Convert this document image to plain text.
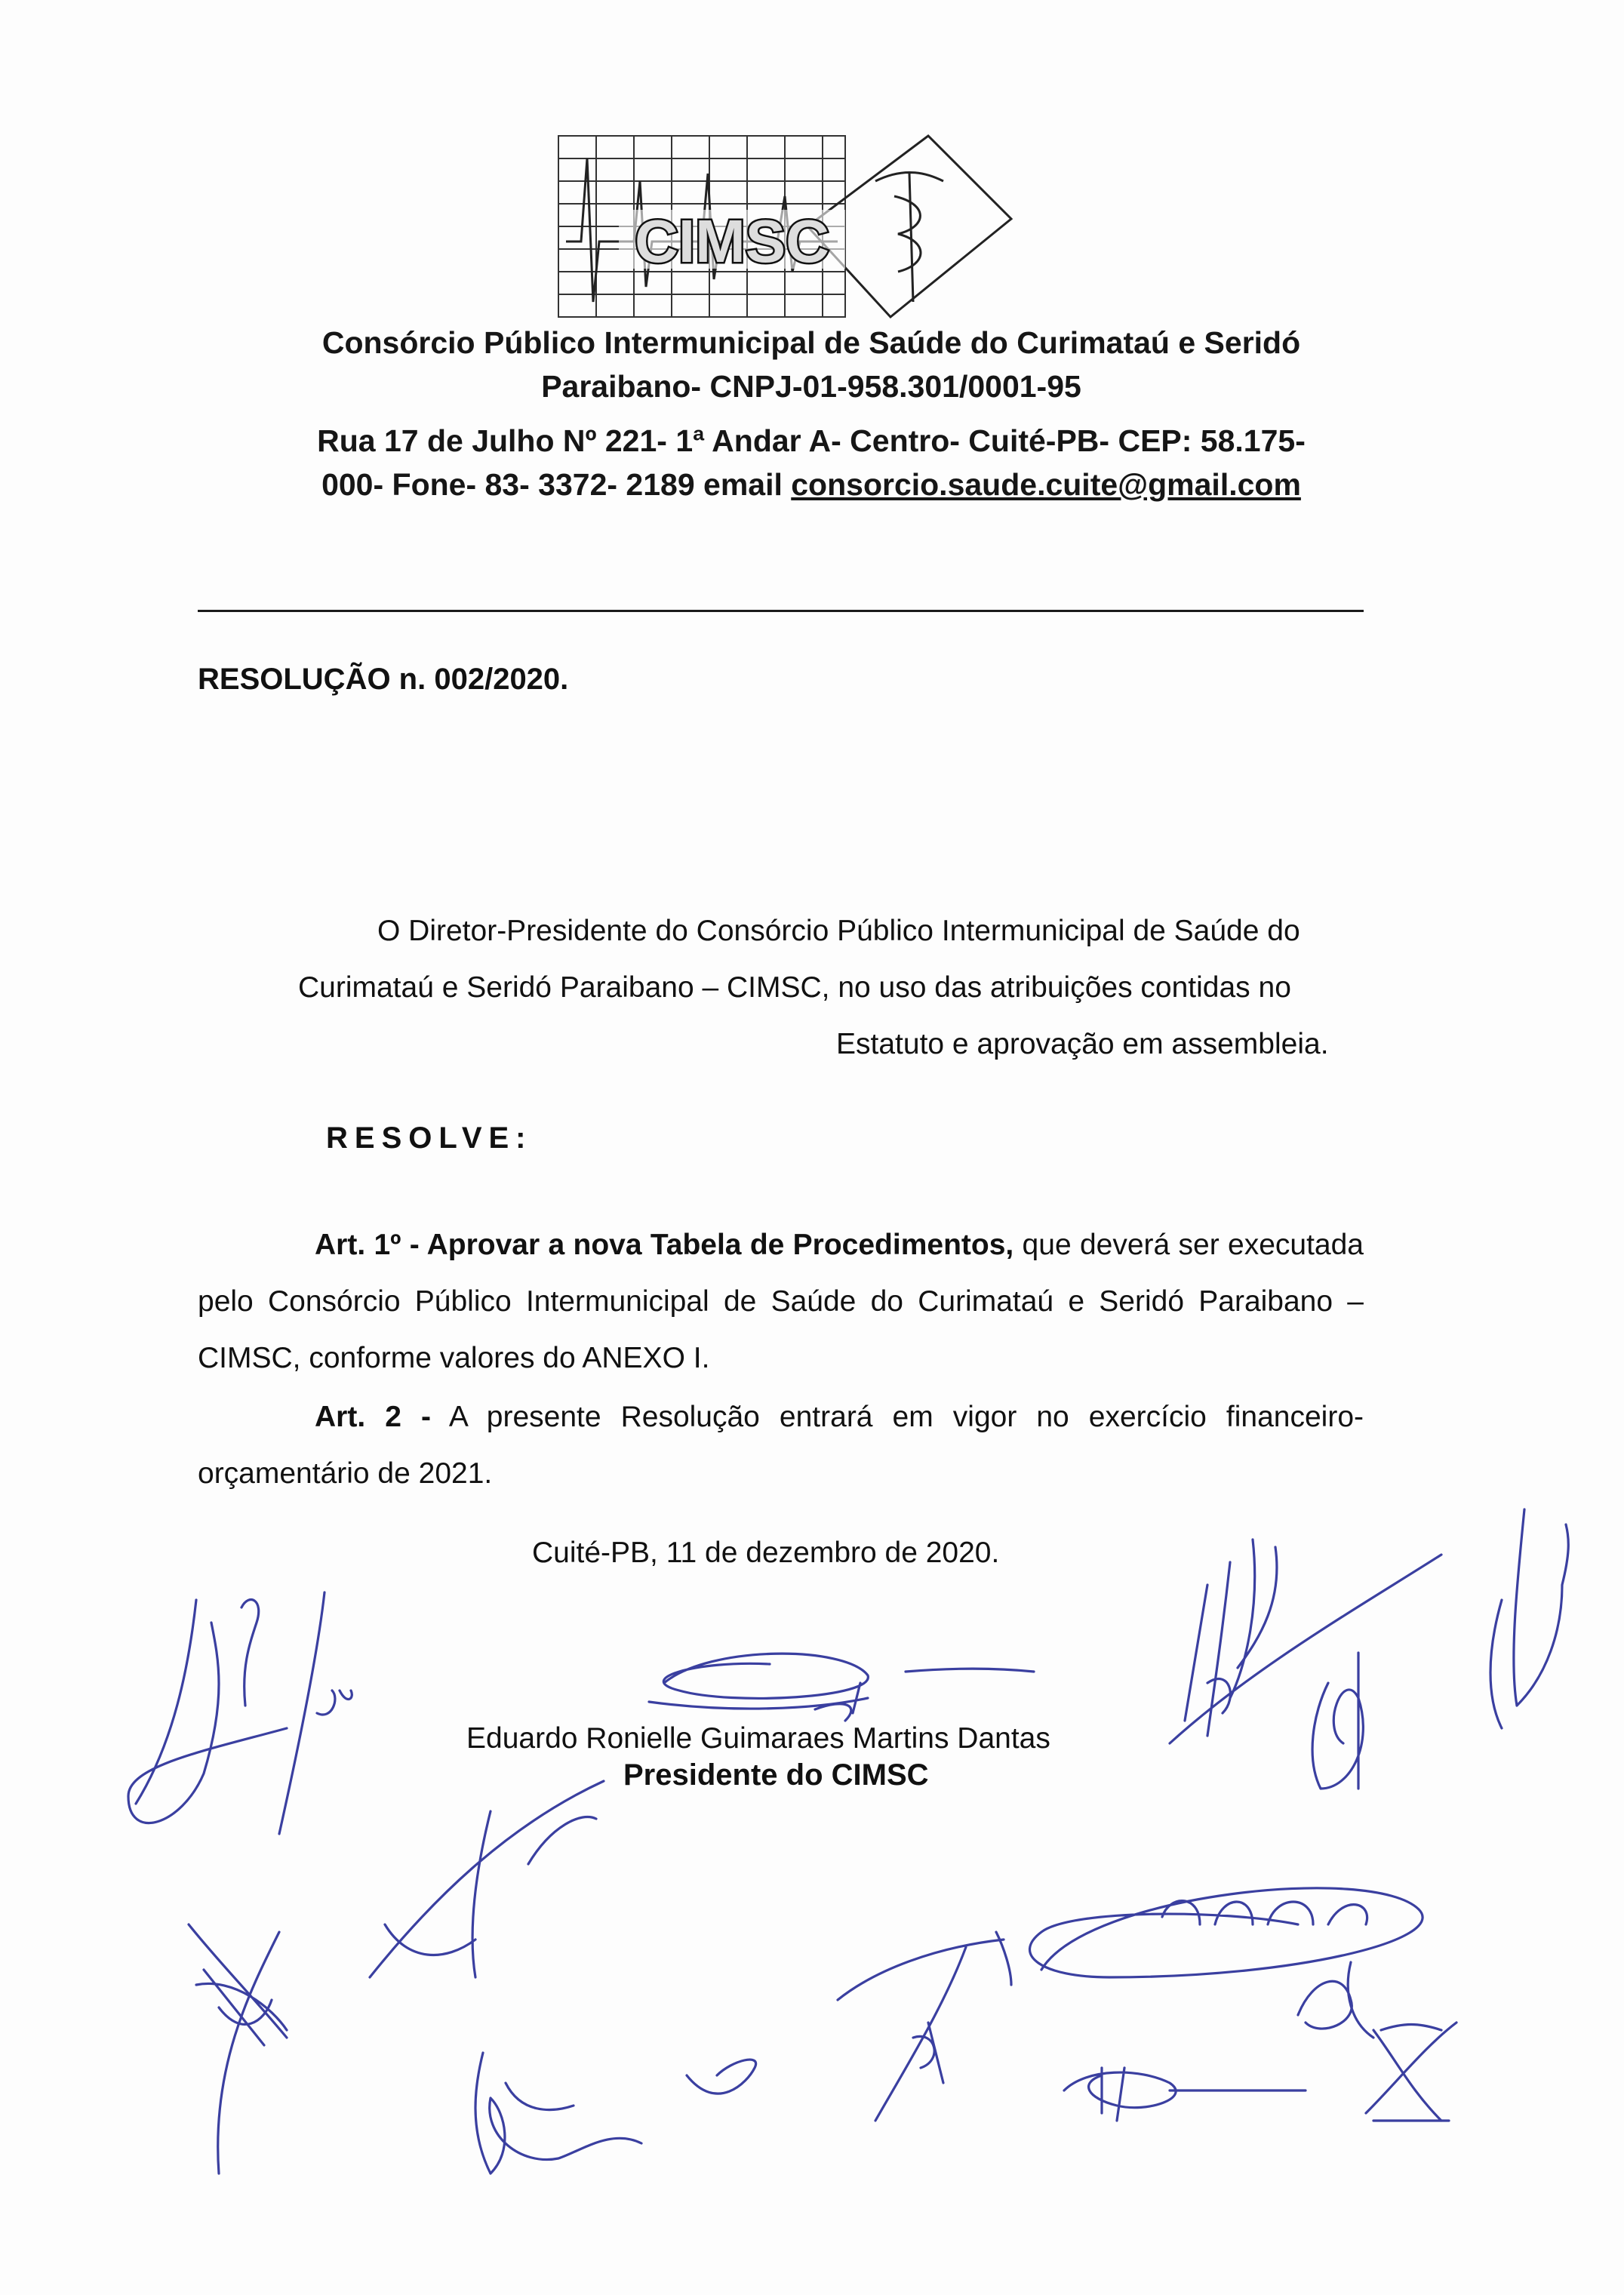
CIMSC
Consórcio Público Intermunicipal de Saúde do Curimataú e Seridó
Paraibano- CNPJ-01-958.301/0001-95
Rua 17 de Julho Nº 221- 1ª Andar A- Centro- Cuité-PB- CEP: 58.175-
000- Fone- 83- 3372- 2189 email consorcio.saude.cuite@gmail.com
RESOLUÇÃO n. 002/2020.
O Diretor-Presidente do Consórcio Público Intermunicipal de Saúde do
Curimataú e Seridó Paraibano – CIMSC, no uso das atribuições contidas no
Estatuto e aprovação em assembleia.
RESOLVE:
Art. 1º - Aprovar a nova Tabela de Procedimentos, que deverá ser executada pelo Consórcio Público Intermunicipal de Saúde do Curimataú e Seridó Paraibano – CIMSC, conforme valores do ANEXO I.
Art. 2 - A presente Resolução entrará em vigor no exercício financeiro-orçamentário de 2021.
Cuité-PB, 11 de dezembro de 2020.
Eduardo Ronielle Guimaraes Martins Dantas
Presidente do CIMSC
